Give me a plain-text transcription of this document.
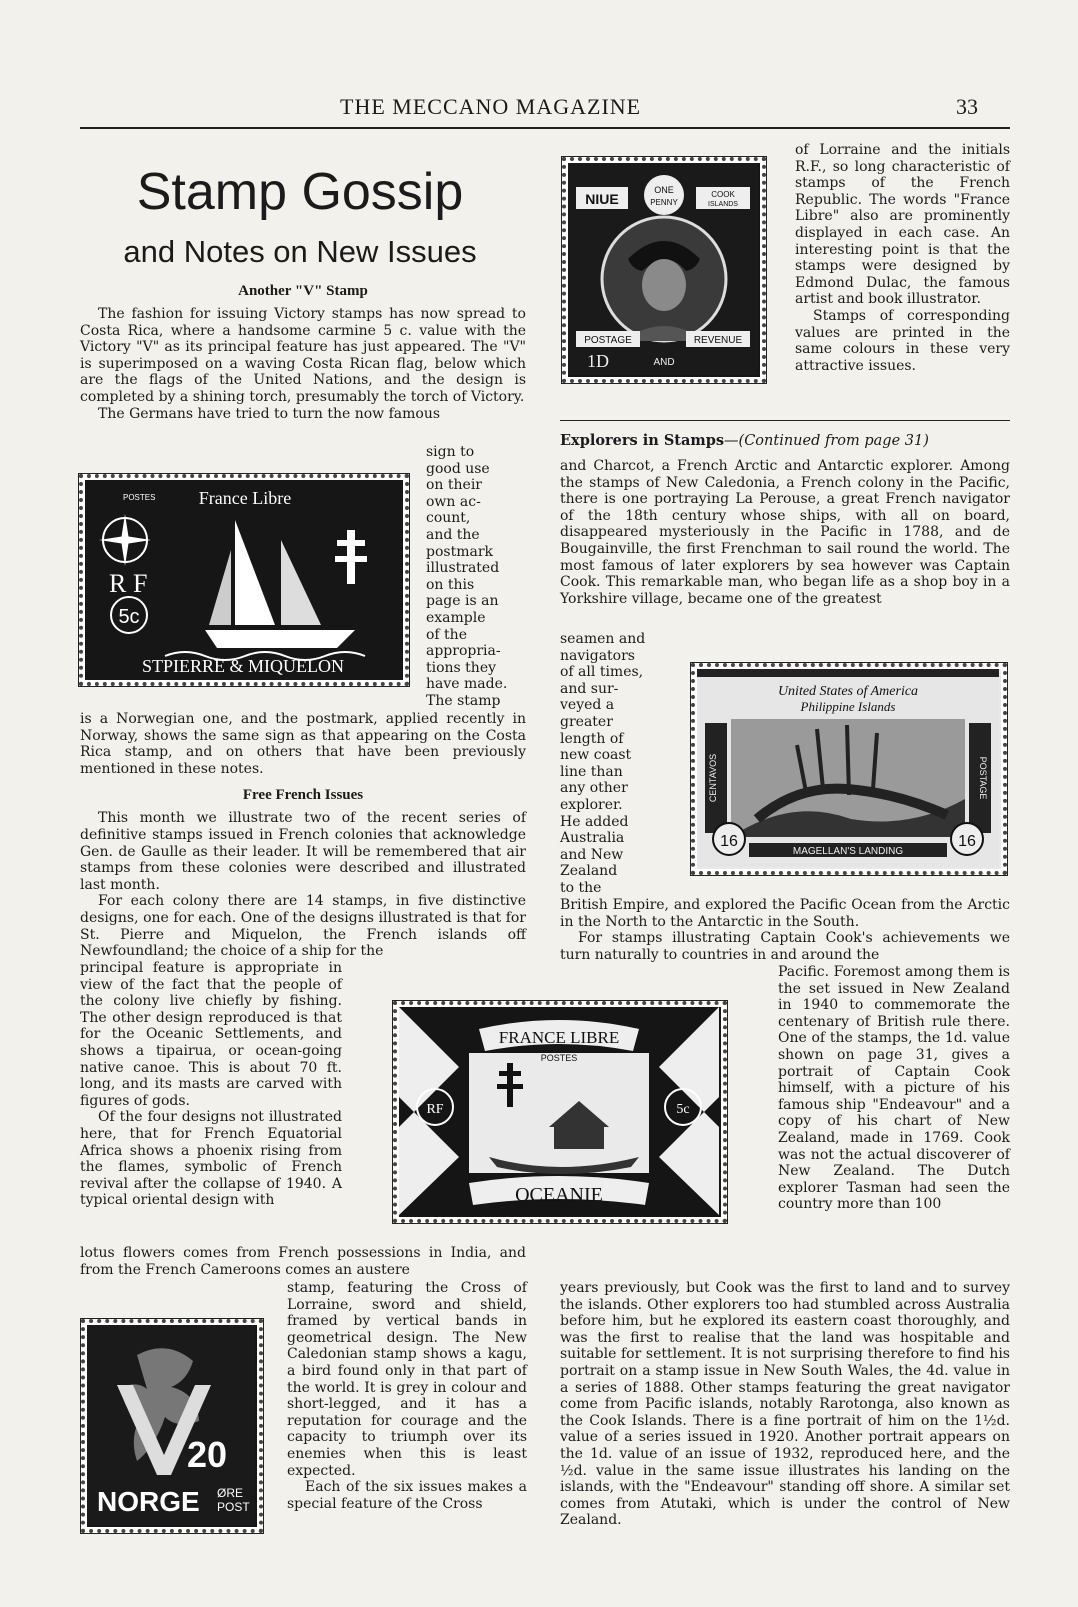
THE MECCANO MAGAZINE	33
Stamp Gossip
and Notes on New Issues

Another "V" Stamp

The fashion for issuing Victory stamps has now spread to Costa Rica, where a handsome carmine 5 c. value with the Victory "V" as its principal feature has just appeared. The "V" is superimposed on a waving Costa Rican flag, below which are the flags of the United Nations, and the design is completed by a shining torch, presumably the torch of Victory.

The Germans have tried to turn the now famous

sign to
good use
on their
own ac-
count,
and the
postmark
illustrated
on this
page is an
example
of the
appropria-
tions they
have made.
The stamp
France Libre
POSTES
R F
5c
STPIERRE & MIQUELON

is a Norwegian one, and the postmark, applied recently in Norway, shows the same sign as that appearing on the Costa Rica stamp, and on others that have been previously mentioned in these notes.

Free French Issues

This month we illustrate two of the recent series of definitive stamps issued in French colonies that acknowledge Gen. de Gaulle as their leader. It will be remembered that air stamps from these colonies were described and illustrated last month.

For each colony there are 14 stamps, in five distinctive designs, one for each. One of the designs illustrated is that for St. Pierre and Miquelon, the French islands off Newfoundland; the choice of a ship for the

principal feature is appropriate in view of the fact that the people of the colony live chiefly by fishing. The other design reproduced is that for the Oceanic Settlements, and shows a tipairua, or ocean-going native canoe. This is about 70 ft. long, and its masts are carved with figures of gods.

Of the four designs not illustrated here, that for French Equatorial Africa shows a phoenix rising from the flames, symbolic of French revival after the collapse of 1940. A typical oriental design with

lotus flowers comes from French possessions in India, and from the French Cameroons comes an austere

20
NORGE ØRE
POST

stamp, featuring the Cross of Lorraine, sword and shield, framed by vertical bands in geometrical design. The New Caledonian stamp shows a kagu, a bird found only in that part of the world. It is grey in colour and short-legged, and it has a reputation for courage and the capacity to triumph over its enemies when this is least expected.

Each of the six issues makes a special feature of the Cross

FRANCE LIBRE
POSTES
RF	5c
OCEANIE
NIUE
ONE
PENNY
COOK
ISLANDS
POSTAGE	REVENUE
1D	AND

of Lorraine and the initials R.F., so long characteristic of stamps of the French Republic. The words "France Libre" also are prominently displayed in each case. An interesting point is that the stamps were designed by Edmond Dulac, the famous artist and book illustrator.

Stamps of corresponding values are printed in the same colours in these very attractive issues.

Explorers in Stamps—(Continued from page 31)

and Charcot, a French Arctic and Antarctic explorer. Among the stamps of New Caledonia, a French colony in the Pacific, there is one portraying La Perouse, a great French navigator of the 18th century whose ships, with all on board, disappeared mysteriously in the Pacific in 1788, and de Bougainville, the first Frenchman to sail round the world. The most famous of later explorers by sea however was Captain Cook. This remarkable man, who began life as a shop boy in a Yorkshire village, became one of the greatest

seamen and
navigators
of all times,
and sur-
veyed a
greater
length of
new coast
line than
any other
explorer.
He added
Australia
and New
Zealand
to the
United States of America
Philippine Islands
CENTAVOS	POSTAGE
16	16
MAGELLAN'S LANDING

British Empire, and explored the Pacific Ocean from the Arctic in the North to the Antarctic in the South.

For stamps illustrating Captain Cook's achievements we turn naturally to countries in and around the

Pacific. Foremost among them is the set issued in New Zealand in 1940 to commemorate the centenary of British rule there. One of the stamps, the 1d. value shown on page 31, gives a portrait of Captain Cook himself, with a picture of his famous ship "Endeavour" and a copy of his chart of New Zealand, made in 1769. Cook was not the actual discoverer of New Zealand. The Dutch explorer Tasman had seen the country more than 100

years previously, but Cook was the first to land and to survey the islands. Other explorers too had stumbled across Australia before him, but he explored its eastern coast thoroughly, and was the first to realise that the land was hospitable and suitable for settlement. It is not surprising therefore to find his portrait on a stamp issue in New South Wales, the 4d. value in a series of 1888. Other stamps featuring the great navigator come from Pacific islands, notably Rarotonga, also known as the Cook Islands. There is a fine portrait of him on the 1½d. value of a series issued in 1920. Another portrait appears on the 1d. value of an issue of 1932, reproduced here, and the ½d. value in the same issue illustrates his landing on the islands, with the "Endeavour" standing off shore. A similar set comes from Atutaki, which is under the control of New Zealand.
